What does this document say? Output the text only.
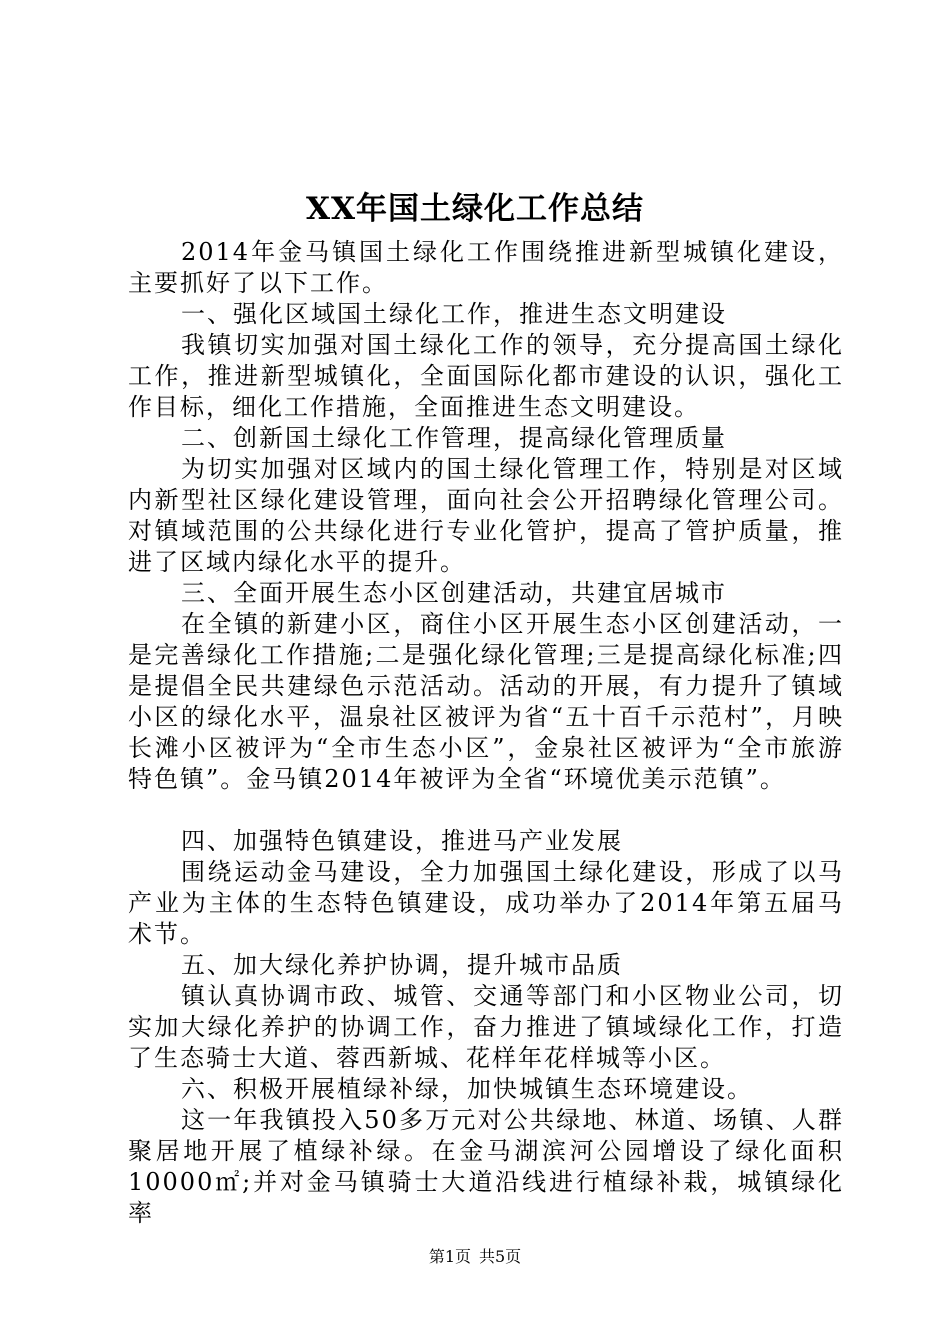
XX年国土绿化工作总结

2014年金马镇国土绿化工作围绕推进新型城镇化建设，主要抓好了以下工作。

一、强化区域国土绿化工作，推进生态文明建设

我镇切实加强对国土绿化工作的领导，充分提高国土绿化工作，推进新型城镇化，全面国际化都市建设的认识，强化工作目标，细化工作措施，全面推进生态文明建设。

二、创新国土绿化工作管理，提高绿化管理质量

为切实加强对区域内的国土绿化管理工作，特别是对区域内新型社区绿化建设管理，面向社会公开招聘绿化管理公司。对镇域范围的公共绿化进行专业化管护，提高了管护质量，推进了区域内绿化水平的提升。

三、全面开展生态小区创建活动，共建宜居城市

在全镇的新建小区，商住小区开展生态小区创建活动，一是完善绿化工作措施;二是强化绿化管理;三是提高绿化标准;四是提倡全民共建绿色示范活动。活动的开展，有力提升了镇域小区的绿化水平，温泉社区被评为省“五十百千示范村”，月映长滩小区被评为“全市生态小区”，金泉社区被评为“全市旅游特色镇”。金马镇2014年被评为全省“环境优美示范镇”。

四、加强特色镇建设，推进马产业发展

围绕运动金马建设，全力加强国土绿化建设，形成了以马产业为主体的生态特色镇建设，成功举办了2014年第五届马术节。

五、加大绿化养护协调，提升城市品质

镇认真协调市政、城管、交通等部门和小区物业公司，切实加大绿化养护的协调工作，奋力推进了镇域绿化工作，打造了生态骑士大道、蓉西新城、花样年花样城等小区。

六、积极开展植绿补绿，加快城镇生态环境建设。

这一年我镇投入50多万元对公共绿地、林道、场镇、人群聚居地开展了植绿补绿。在金马湖滨河公园增设了绿化面积10000㎡;并对金马镇骑士大道沿线进行植绿补栽，城镇绿化率

第1页 共5页
